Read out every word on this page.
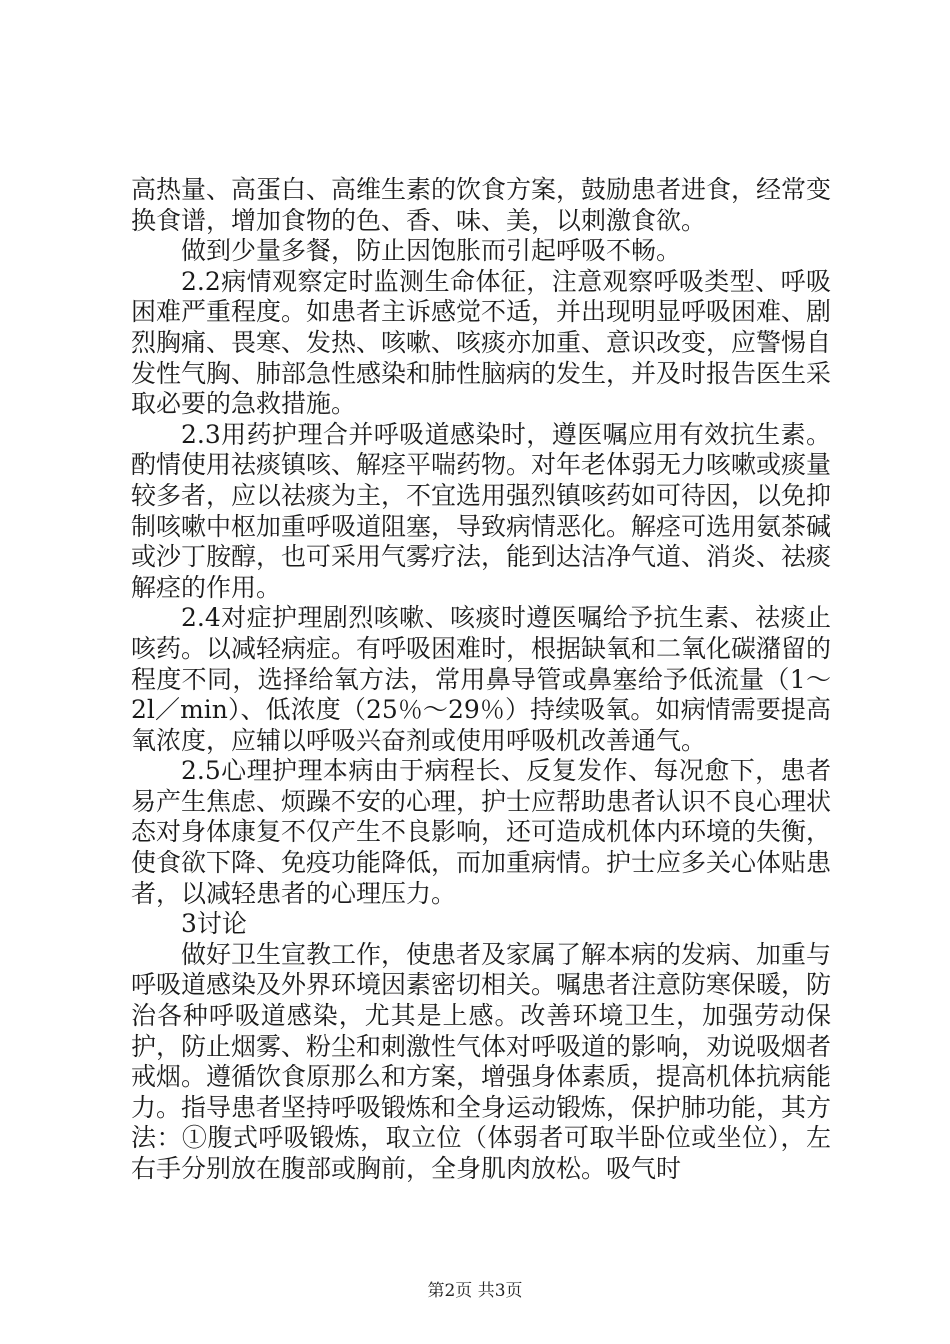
高热量、高蛋白、高维生素的饮食方案，鼓励患者进食，经常变换食谱，增加食物的色、香、味、美，以刺激食欲。

做到少量多餐，防止因饱胀而引起呼吸不畅。

2.2病情观察定时监测生命体征，注意观察呼吸类型、呼吸困难严重程度。如患者主诉感觉不适，并出现明显呼吸困难、剧烈胸痛、畏寒、发热、咳嗽、咳痰亦加重、意识改变，应警惕自发性气胸、肺部急性感染和肺性脑病的发生，并及时报告医生采取必要的急救措施。

2.3用药护理合并呼吸道感染时，遵医嘱应用有效抗生素。酌情使用祛痰镇咳、解痉平喘药物。对年老体弱无力咳嗽或痰量较多者，应以祛痰为主，不宜选用强烈镇咳药如可待因，以免抑制咳嗽中枢加重呼吸道阻塞，导致病情恶化。解痉可选用氨茶碱或沙丁胺醇，也可采用气雾疗法，能到达洁净气道、消炎、祛痰解痉的作用。

2.4对症护理剧烈咳嗽、咳痰时遵医嘱给予抗生素、祛痰止咳药。以减轻病症。有呼吸困难时，根据缺氧和二氧化碳潴留的程度不同，选择给氧方法，常用鼻导管或鼻塞给予低流量（1～2l／min）、低浓度（25％～29％）持续吸氧。如病情需要提高氧浓度，应辅以呼吸兴奋剂或使用呼吸机改善通气。

2.5心理护理本病由于病程长、反复发作、每况愈下，患者易产生焦虑、烦躁不安的心理，护士应帮助患者认识不良心理状态对身体康复不仅产生不良影响，还可造成机体内环境的失衡，使食欲下降、免疫功能降低，而加重病情。护士应多关心体贴患者，以减轻患者的心理压力。

3讨论

做好卫生宣教工作，使患者及家属了解本病的发病、加重与呼吸道感染及外界环境因素密切相关。嘱患者注意防寒保暖，防治各种呼吸道感染，尤其是上感。改善环境卫生，加强劳动保护，防止烟雾、粉尘和刺激性气体对呼吸道的影响，劝说吸烟者戒烟。遵循饮食原那么和方案，增强身体素质，提高机体抗病能力。指导患者坚持呼吸锻炼和全身运动锻炼，保护肺功能，其方法：①腹式呼吸锻炼，取立位（体弱者可取半卧位或坐位），左右手分别放在腹部或胸前，全身肌肉放松。吸气时

第2页 共3页
